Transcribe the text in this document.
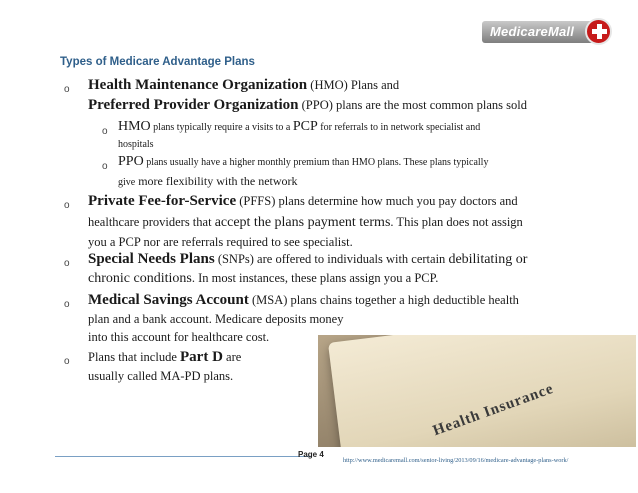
MedicareMall
Types of Medicare Advantage Plans
o Health Maintenance Organization (HMO) Plans and
Preferred Provider Organization (PPO) plans are the most common plans sold
o HMO plans typically require a visits to a PCP for referrals to in network specialist and
hospitals
o PPO plans usually have a higher monthly premium than HMO plans. These plans typically
give more flexibility with the network
o Private Fee-for-Service (PFFS) plans determine how much you pay doctors and
healthcare providers that accept the plans payment terms. This plan does not assign
you a PCP nor are referrals required to see specialist.
o Special Needs Plans (SNPs) are offered to individuals with certain debilitating or
chronic conditions. In most instances, these plans assign you a PCP.
o Medical Savings Account (MSA) plans chains together a high deductible health
plan and a bank account. Medicare deposits money
into this account for healthcare cost.
o Plans that include Part D are
usually called MA-PD plans.
Health Insurance
Page 4
http://www.medicaremall.com/senior-living/2013/09/16/medicare-advantage-plans-work/
